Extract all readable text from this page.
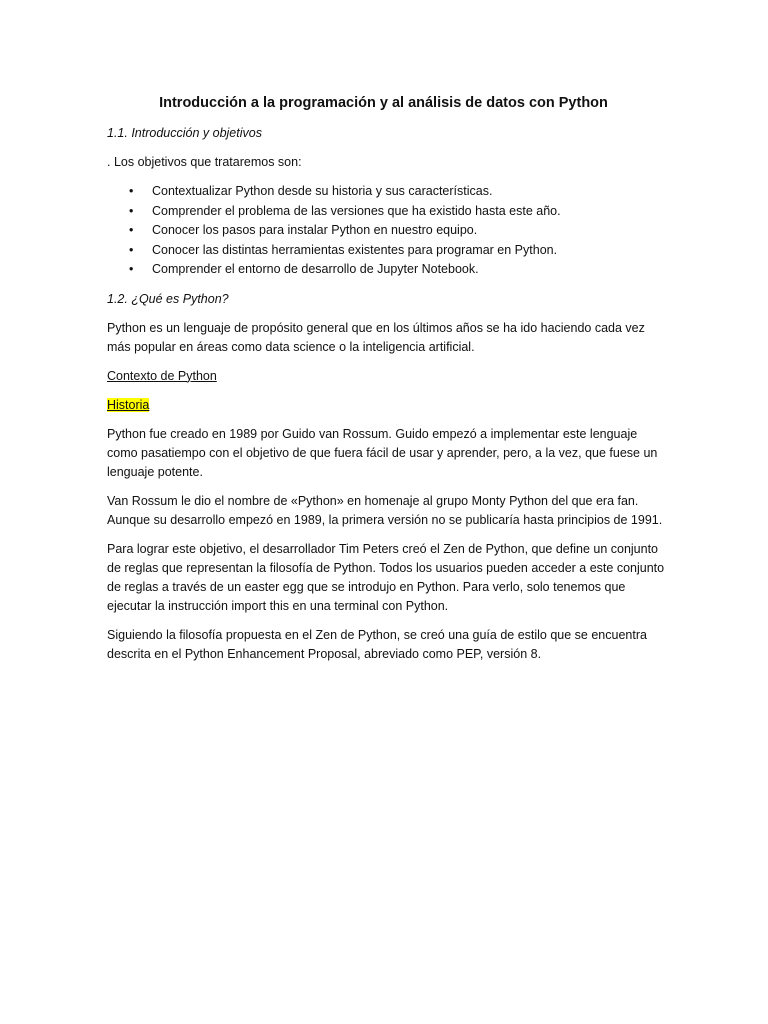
Introducción a la programación y al análisis de datos con Python

1.1. Introducción y objetivos

. Los objetivos que trataremos son:

• Contextualizar Python desde su historia y sus características.
• Comprender el problema de las versiones que ha existido hasta este año.
• Conocer los pasos para instalar Python en nuestro equipo.
• Conocer las distintas herramientas existentes para programar en Python.
• Comprender el entorno de desarrollo de Jupyter Notebook.

1.2. ¿Qué es Python?

Python es un lenguaje de propósito general que en los últimos años se ha ido haciendo cada vez más popular en áreas como data science o la inteligencia artificial.

Contexto de Python

Historia

Python fue creado en 1989 por Guido van Rossum. Guido empezó a implementar este lenguaje como pasatiempo con el objetivo de que fuera fácil de usar y aprender, pero, a la vez, que fuese un lenguaje potente.

Van Rossum le dio el nombre de «Python» en homenaje al grupo Monty Python del que era fan. Aunque su desarrollo empezó en 1989, la primera versión no se publicaría hasta principios de 1991.

Para lograr este objetivo, el desarrollador Tim Peters creó el Zen de Python, que define un conjunto de reglas que representan la filosofía de Python. Todos los usuarios pueden acceder a este conjunto de reglas a través de un easter egg que se introdujo en Python. Para verlo, solo tenemos que ejecutar la instrucción import this en una terminal con Python.

Siguiendo la filosofía propuesta en el Zen de Python, se creó una guía de estilo que se encuentra descrita en el Python Enhancement Proposal, abreviado como PEP, versión 8.
